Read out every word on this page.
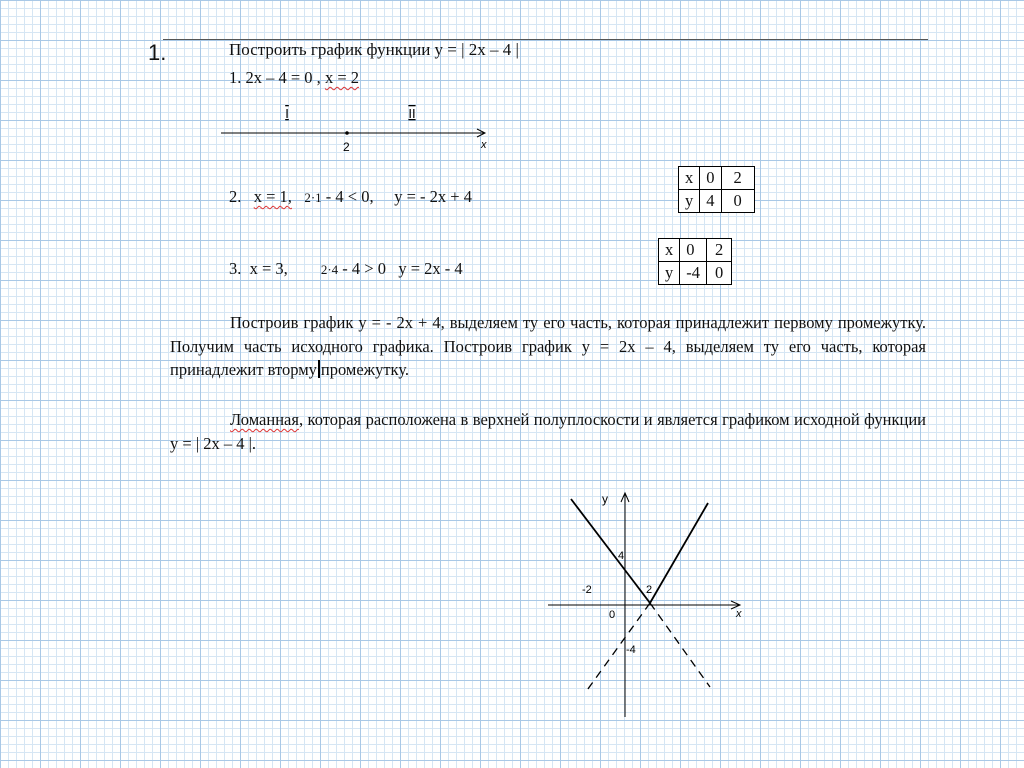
1.	Построить график функции у = | 2х – 4 |
1. 2х – 4 = 0 , х = 2
I	II
2	х
2. х = 1, 2·1 - 4 < 0, у = - 2х + 4
х	0	2
у	4	0
3. х = 3,	2·4 - 4 > 0 у = 2х - 4
х	0	2
у	-4	0
Построив график у = - 2х + 4, выделяем ту его часть, которая принадлежит первому промежутку. Получим часть исходного графика. Построив график у = 2х – 4, выделяем ту его часть, которая принадлежит вторму промежутку.
Ломанная, которая расположена в верхней полуплоскости и является графиком исходной функции у = | 2х – 4 |.
у
х
4
-2	2
0
-4
